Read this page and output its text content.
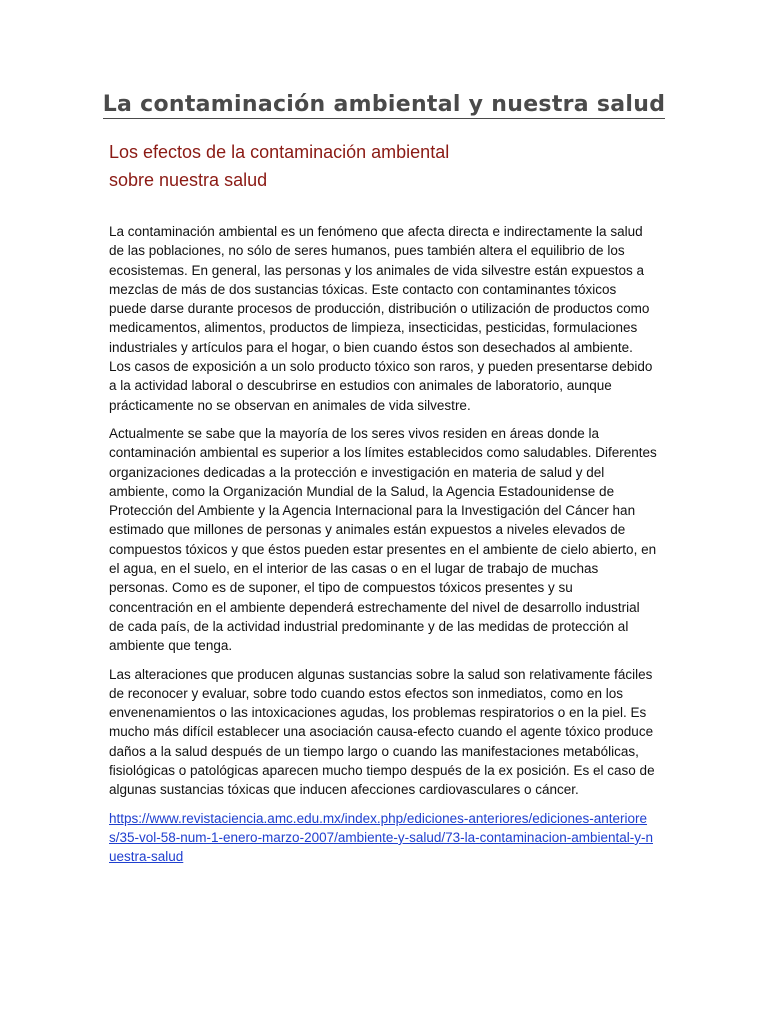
La contaminación ambiental y nuestra salud
Los efectos de la contaminación ambiental
sobre nuestra salud

La contaminación ambiental es un fenómeno que afecta directa e indirectamente la salud de las poblaciones, no sólo de seres humanos, pues también altera el equilibrio de los ecosistemas. En general, las personas y los animales de vida silvestre están expuestos a mezclas de más de dos sustancias tóxicas. Este contacto con contaminantes tóxicos puede darse durante procesos de producción, distribución o utilización de productos como medicamentos, alimentos, productos de limpieza, insecticidas, pesticidas, formulaciones industriales y artículos para el hogar, o bien cuando éstos son desechados al ambiente. Los casos de exposición a un solo producto tóxico son raros, y pueden presentarse debido a la actividad laboral o descubrirse en estudios con animales de laboratorio, aunque prácticamente no se observan en animales de vida silvestre.

Actualmente se sabe que la mayoría de los seres vivos residen en áreas donde la contaminación ambiental es superior a los límites establecidos como saludables. Diferentes organizaciones dedicadas a la protección e investigación en materia de salud y del ambiente, como la Organización Mundial de la Salud, la Agencia Estadounidense de Protección del Ambiente y la Agencia Internacional para la Investigación del Cáncer han estimado que millones de personas y animales están expuestos a niveles elevados de compuestos tóxicos y que éstos pueden estar presentes en el ambiente de cielo abierto, en el agua, en el suelo, en el interior de las casas o en el lugar de trabajo de muchas personas. Como es de suponer, el tipo de compuestos tóxicos presentes y su concentración en el ambiente dependerá estrechamente del nivel de desarrollo industrial de cada país, de la actividad industrial predominante y de las medidas de protección al ambiente que tenga.

Las alteraciones que producen algunas sustancias sobre la salud son relativamente fáciles de reconocer y evaluar, sobre todo cuando estos efectos son inmediatos, como en los envenenamientos o las intoxicaciones agudas, los problemas respiratorios o en la piel. Es mucho más difícil establecer una asociación causa-efecto cuando el agente tóxico produce daños a la salud después de un tiempo largo o cuando las manifestaciones metabólicas, fisiológicas o patológicas aparecen mucho tiempo después de la ex posición. Es el caso de algunas sustancias tóxicas que inducen afecciones cardiovasculares o cáncer.

https://www.revistaciencia.amc.edu.mx/index.php/ediciones-anteriores/ediciones-anteriores/35-vol-58-num-1-enero-marzo-2007/ambiente-y-salud/73-la-contaminacion-ambiental-y-nuestra-salud
